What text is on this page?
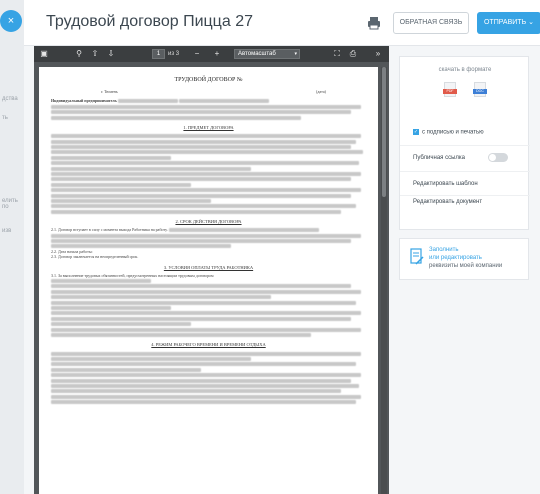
дства
ть
елить по
изв
×	Трудовой договор Пицца 27	ОБРАТНАЯ СВЯЗЬ	ОТПРАВИТЬ ⌄
▣	⚲ ⇧ ⇩	1	из 3	−	+	Автомасштаб	▾	⛶ ⎙	»
ТРУДОВОЙ ДОГОВОР №
г. Тюмень	(дата)
Индивидуальный предприниматель

1. ПРЕДМЕТ ДОГОВОРА

2. СРОК ДЕЙСТВИЯ ДОГОВОРА
2.1. Договор вступает в силу с момента выхода Работника на работу.

2.2. Дата начала работы:
2.3. Договор заключается на неопределенный срок.
3. УСЛОВИЯ ОПЛАТЫ ТРУДА РАБОТНИКА
3.1. За выполнение трудовых обязанностей, предусмотренных настоящим трудовым договором

4. РЕЖИМ РАБОЧЕГО ВРЕМЕНИ И ВРЕМЕНИ ОТДЫХА

скачать в формате
PDF	DOC
✓ с подписью и печатью
Публичная ссылка
Редактировать шаблон
Редактировать документ
Заполнить
или редактировать
реквизиты моей компании
